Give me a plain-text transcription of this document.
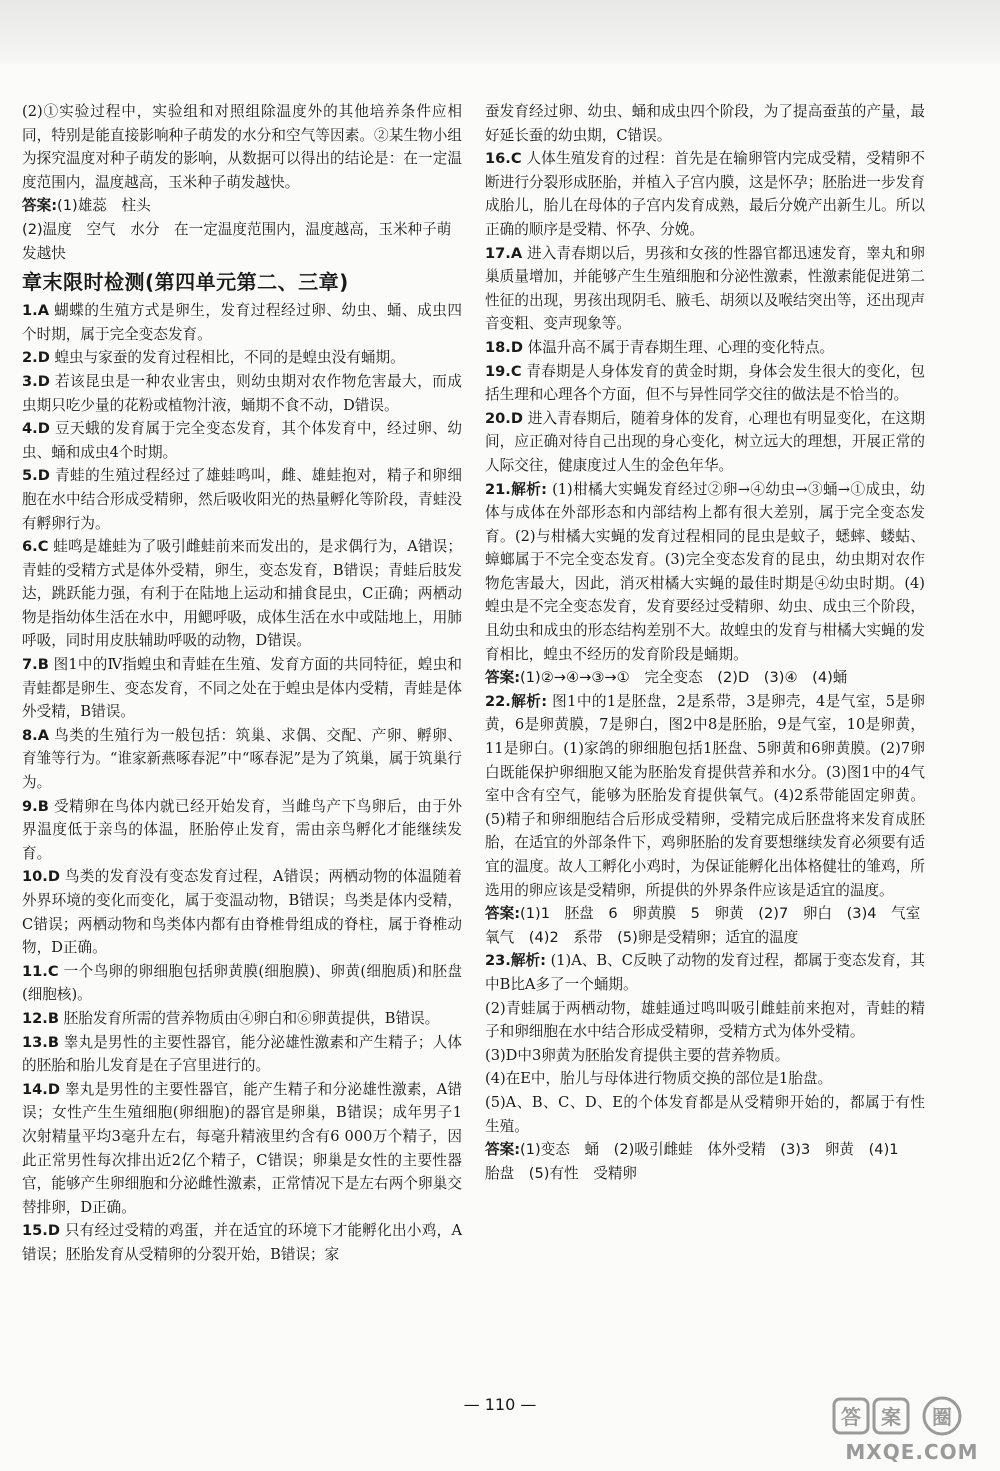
(2)①实验过程中，实验组和对照组除温度外的其他培养条件应相同，特别是能直接影响种子萌发的水分和空气等因素。②某生物小组为探究温度对种子萌发的影响，从数据可以得出的结论是：在一定温度范围内，温度越高，玉米种子萌发越快。

答案:(1)雄蕊　柱头

(2)温度　空气　水分　在一定温度范围内，温度越高，玉米种子萌发越快

章末限时检测(第四单元第二、三章)

1.A 蝴蝶的生殖方式是卵生，发育过程经过卵、幼虫、蛹、成虫四个时期，属于完全变态发育。

2.D 蝗虫与家蚕的发育过程相比，不同的是蝗虫没有蛹期。

3.D 若该昆虫是一种农业害虫，则幼虫期对农作物危害最大，而成虫期只吃少量的花粉或植物汁液，蛹期不食不动，D错误。

4.D 豆天蛾的发育属于完全变态发育，其个体发育中，经过卵、幼虫、蛹和成虫4个时期。

5.D 青蛙的生殖过程经过了雄蛙鸣叫，雌、雄蛙抱对，精子和卵细胞在水中结合形成受精卵，然后吸收阳光的热量孵化等阶段，青蛙没有孵卵行为。

6.C 蛙鸣是雄蛙为了吸引雌蛙前来而发出的，是求偶行为，A错误；青蛙的受精方式是体外受精，卵生，变态发育，B错误；青蛙后肢发达，跳跃能力强，有利于在陆地上运动和捕食昆虫，C正确；两栖动物是指幼体生活在水中，用鳃呼吸，成体生活在水中或陆地上，用肺呼吸，同时用皮肤辅助呼吸的动物，D错误。

7.B 图1中的Ⅳ指蝗虫和青蛙在生殖、发育方面的共同特征，蝗虫和青蛙都是卵生、变态发育，不同之处在于蝗虫是体内受精，青蛙是体外受精，B错误。

8.A 鸟类的生殖行为一般包括：筑巢、求偶、交配、产卵、孵卵、育雏等行为。“谁家新燕啄春泥”中“啄春泥”是为了筑巢，属于筑巢行为。

9.B 受精卵在鸟体内就已经开始发育，当雌鸟产下鸟卵后，由于外界温度低于亲鸟的体温，胚胎停止发育，需由亲鸟孵化才能继续发育。

10.D 鸟类的发育没有变态发育过程，A错误；两栖动物的体温随着外界环境的变化而变化，属于变温动物，B错误；鸟类是体内受精，C错误；两栖动物和鸟类体内都有由脊椎骨组成的脊柱，属于脊椎动物，D正确。

11.C 一个鸟卵的卵细胞包括卵黄膜(细胞膜)、卵黄(细胞质)和胚盘(细胞核)。

12.B 胚胎发育所需的营养物质由④卵白和⑥卵黄提供，B错误。

13.B 睾丸是男性的主要性器官，能分泌雄性激素和产生精子；人体的胚胎和胎儿发育是在子宫里进行的。

14.D 睾丸是男性的主要性器官，能产生精子和分泌雄性激素，A错误；女性产生生殖细胞(卵细胞)的器官是卵巢，B错误；成年男子1次射精量平均3毫升左右，每毫升精液里约含有6 000万个精子，因此正常男性每次排出近2亿个精子，C错误；卵巢是女性的主要性器官，能够产生卵细胞和分泌雌性激素，正常情况下是左右两个卵巢交替排卵，D正确。

15.D 只有经过受精的鸡蛋，并在适宜的环境下才能孵化出小鸡，A错误；胚胎发育从受精卵的分裂开始，B错误；家

蚕发育经过卵、幼虫、蛹和成虫四个阶段，为了提高蚕茧的产量，最好延长蚕的幼虫期，C错误。

16.C 人体生殖发育的过程：首先是在输卵管内完成受精，受精卵不断进行分裂形成胚胎，并植入子宫内膜，这是怀孕；胚胎进一步发育成胎儿，胎儿在母体的子宫内发育成熟，最后分娩产出新生儿。所以正确的顺序是受精、怀孕、分娩。

17.A 进入青春期以后，男孩和女孩的性器官都迅速发育，睾丸和卵巢质量增加，并能够产生生殖细胞和分泌性激素，性激素能促进第二性征的出现，男孩出现阴毛、腋毛、胡须以及喉结突出等，还出现声音变粗、变声现象等。

18.D 体温升高不属于青春期生理、心理的变化特点。

19.C 青春期是人身体发育的黄金时期，身体会发生很大的变化，包括生理和心理各个方面，但不与异性同学交往的做法是不恰当的。

20.D 进入青春期后，随着身体的发育，心理也有明显变化，在这期间，应正确对待自己出现的身心变化，树立远大的理想，开展正常的人际交往，健康度过人生的金色年华。

21.解析: (1)柑橘大实蝇发育经过②卵→④幼虫→③蛹→①成虫，幼体与成体在外部形态和内部结构上都有很大差别，属于完全变态发育。(2)与柑橘大实蝇的发育过程相同的昆虫是蚊子，蟋蟀、蝼蛄、蟑螂属于不完全变态发育。(3)完全变态发育的昆虫，幼虫期对农作物危害最大，因此，消灭柑橘大实蝇的最佳时期是④幼虫时期。(4)蝗虫是不完全变态发育，发育要经过受精卵、幼虫、成虫三个阶段，且幼虫和成虫的形态结构差别不大。故蝗虫的发育与柑橘大实蝇的发育相比，蝗虫不经历的发育阶段是蛹期。

答案:(1)②→④→③→①　完全变态　(2)D　(3)④　(4)蛹

22.解析: 图1中的1是胚盘，2是系带，3是卵壳，4是气室，5是卵黄，6是卵黄膜，7是卵白，图2中8是胚胎，9是气室，10是卵黄，11是卵白。(1)家鸽的卵细胞包括1胚盘、5卵黄和6卵黄膜。(2)7卵白既能保护卵细胞又能为胚胎发育提供营养和水分。(3)图1中的4气室中含有空气，能够为胚胎发育提供氧气。(4)2系带能固定卵黄。(5)精子和卵细胞结合后形成受精卵，受精完成后胚盘将来发育成胚胎，在适宜的外部条件下，鸡卵胚胎的发育要想继续发育必须要有适宜的温度。故人工孵化小鸡时，为保证能孵化出体格健壮的雏鸡，所选用的卵应该是受精卵，所提供的外界条件应该是适宜的温度。

答案:(1)1　胚盘　6　卵黄膜　5　卵黄　(2)7　卵白　(3)4　气室　氧气　(4)2　系带　(5)卵是受精卵；适宜的温度

23.解析: (1)A、B、C反映了动物的发育过程，都属于变态发育，其中B比A多了一个蛹期。

(2)青蛙属于两栖动物，雄蛙通过鸣叫吸引雌蛙前来抱对，青蛙的精子和卵细胞在水中结合形成受精卵，受精方式为体外受精。

(3)D中3卵黄为胚胎发育提供主要的营养物质。

(4)在E中，胎儿与母体进行物质交换的部位是1胎盘。

(5)A、B、C、D、E的个体发育都是从受精卵开始的，都属于有性生殖。

答案:(1)变态　蛹　(2)吸引雌蛙　体外受精　(3)3　卵黄　(4)1　胎盘　(5)有性　受精卵

— 110 —
答 案 圈
MXQE.COM
